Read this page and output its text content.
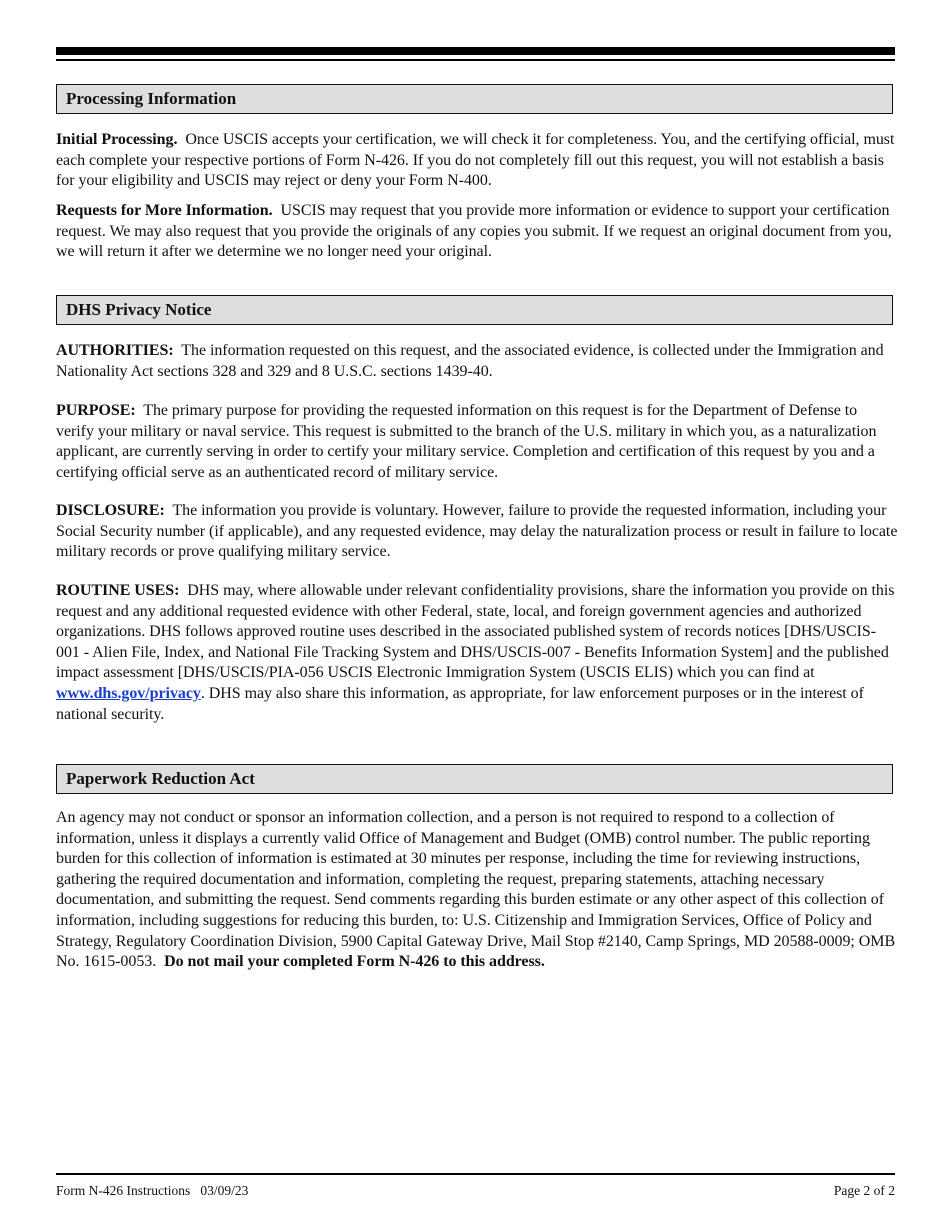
Processing Information

Initial Processing. Once USCIS accepts your certification, we will check it for completeness. You, and the certifying official, must each complete your respective portions of Form N-426. If you do not completely fill out this request, you will not establish a basis for your eligibility and USCIS may reject or deny your Form N-400.

Requests for More Information. USCIS may request that you provide more information or evidence to support your certification request. We may also request that you provide the originals of any copies you submit. If we request an original document from you, we will return it after we determine we no longer need your original.

DHS Privacy Notice

AUTHORITIES: The information requested on this request, and the associated evidence, is collected under the Immigration and Nationality Act sections 328 and 329 and 8 U.S.C. sections 1439-40.

PURPOSE: The primary purpose for providing the requested information on this request is for the Department of Defense to verify your military or naval service. This request is submitted to the branch of the U.S. military in which you, as a naturalization applicant, are currently serving in order to certify your military service. Completion and certification of this request by you and a certifying official serve as an authenticated record of military service.

DISCLOSURE: The information you provide is voluntary. However, failure to provide the requested information, including your Social Security number (if applicable), and any requested evidence, may delay the naturalization process or result in failure to locate military records or prove qualifying military service.

ROUTINE USES: DHS may, where allowable under relevant confidentiality provisions, share the information you provide on this request and any additional requested evidence with other Federal, state, local, and foreign government agencies and authorized organizations. DHS follows approved routine uses described in the associated published system of records notices [DHS/USCIS-001 - Alien File, Index, and National File Tracking System and DHS/USCIS-007 - Benefits Information System] and the published impact assessment [DHS/USCIS/PIA-056 USCIS Electronic Immigration System (USCIS ELIS) which you can find at www.dhs.gov/privacy. DHS may also share this information, as appropriate, for law enforcement purposes or in the interest of national security.

Paperwork Reduction Act

An agency may not conduct or sponsor an information collection, and a person is not required to respond to a collection of information, unless it displays a currently valid Office of Management and Budget (OMB) control number. The public reporting burden for this collection of information is estimated at 30 minutes per response, including the time for reviewing instructions, gathering the required documentation and information, completing the request, preparing statements, attaching necessary documentation, and submitting the request. Send comments regarding this burden estimate or any other aspect of this collection of information, including suggestions for reducing this burden, to: U.S. Citizenship and Immigration Services, Office of Policy and Strategy, Regulatory Coordination Division, 5900 Capital Gateway Drive, Mail Stop #2140, Camp Springs, MD 20588-0009; OMB No. 1615-0053. Do not mail your completed Form N-426 to this address.

Form N-426 Instructions   03/09/23	Page 2 of 2
